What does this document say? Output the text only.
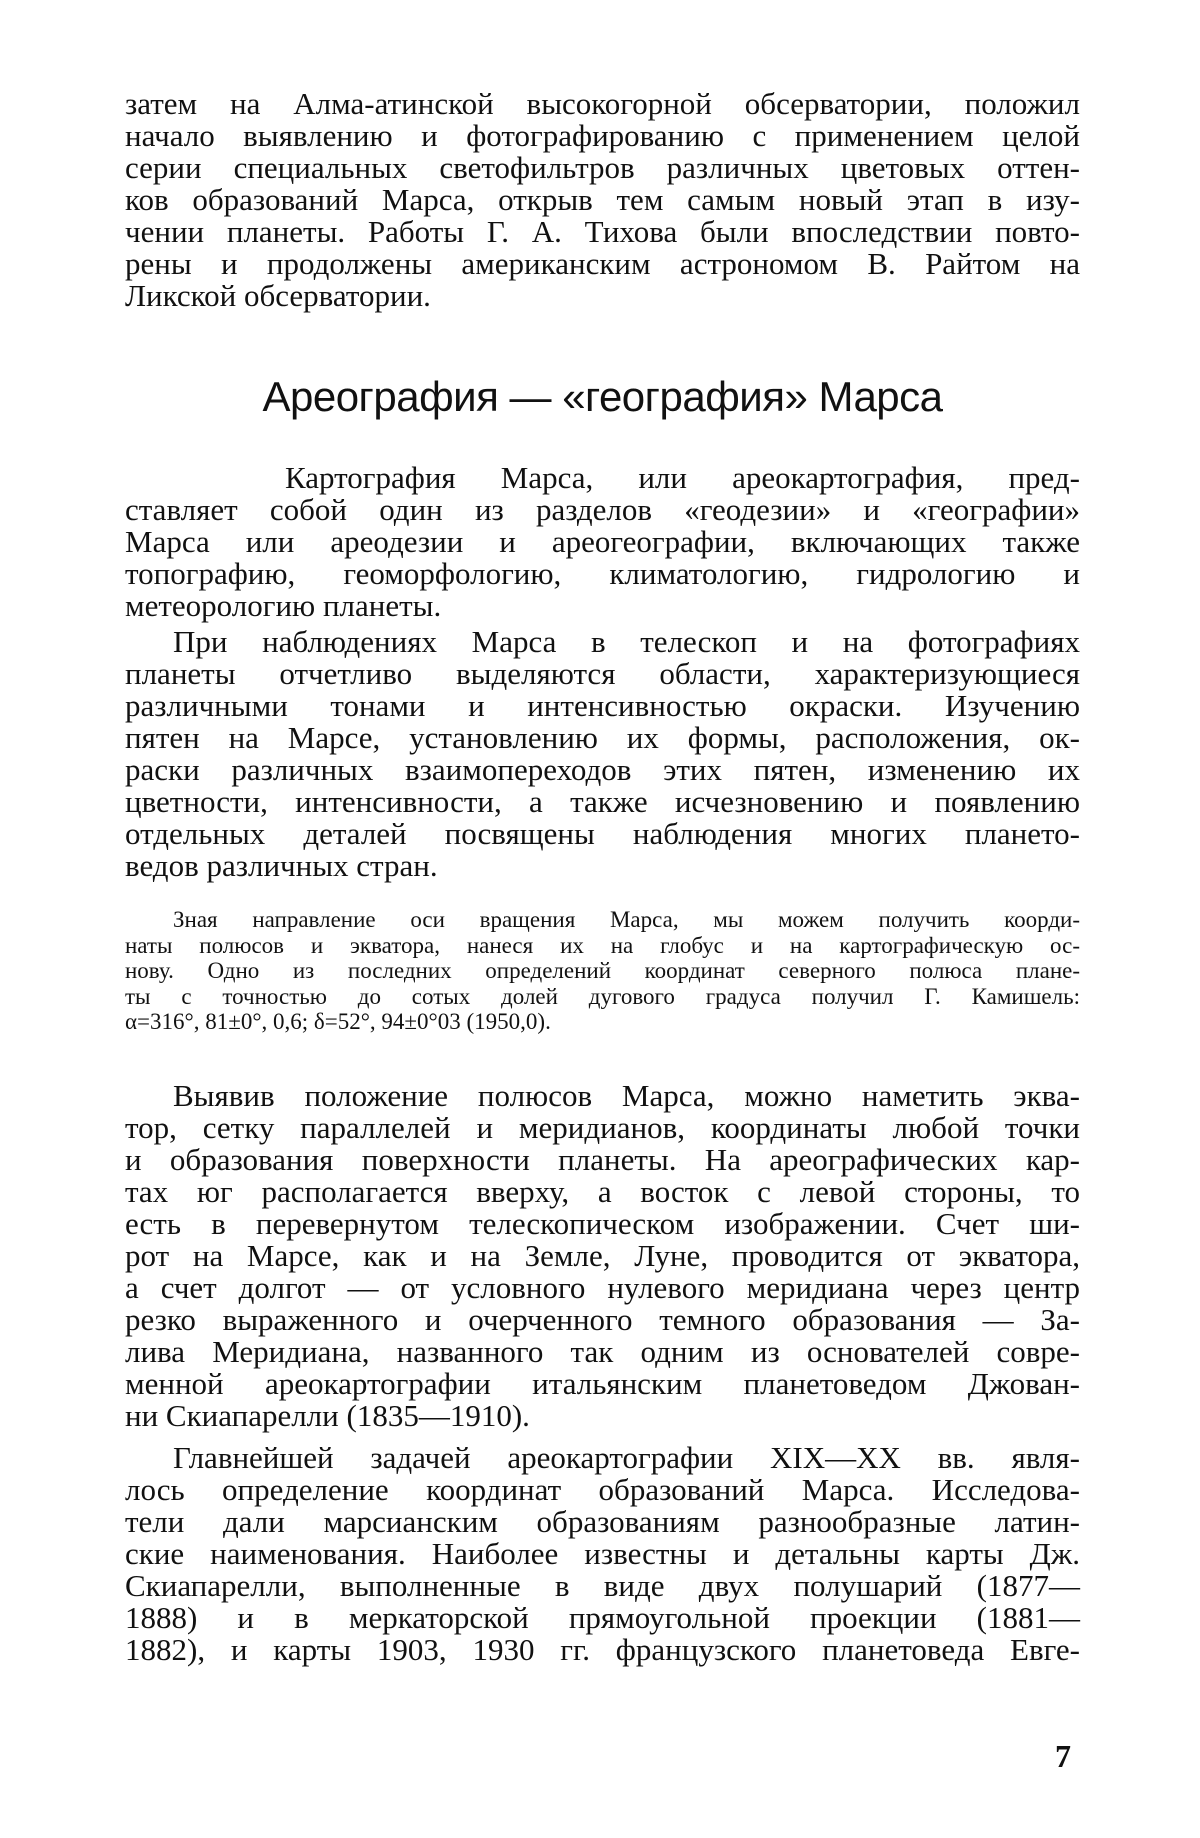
затем на Алма-атинской высокогорной обсерватории, положил
начало выявлению и фотографированию с применением целой
серии специальных светофильтров различных цветовых оттен-
ков образований Марса, открыв тем самым новый этап в изу-
чении планеты. Работы Г. А. Тихова были впоследствии повто-
рены и продолжены американским астрономом В. Райтом на
Ликской обсерватории.
Ареография — «география» Марса
Картография Марса, или ареокартография, пред-
ставляет собой один из разделов «геодезии» и «географии»
Марса или ареодезии и ареогеографии, включающих также
топографию, геоморфологию, климатологию, гидрологию и
метеорологию планеты.
При наблюдениях Марса в телескоп и на фотографиях
планеты отчетливо выделяются области, характеризующиеся
различными тонами и интенсивностью окраски. Изучению
пятен на Марсе, установлению их формы, расположения, ок-
раски различных взаимопереходов этих пятен, изменению их
цветности, интенсивности, а также исчезновению и появлению
отдельных деталей посвящены наблюдения многих плането-
ведов различных стран.
Зная направление оси вращения Марса, мы можем получить коорди-
наты полюсов и экватора, нанеся их на глобус и на картографическую ос-
нову. Одно из последних определений координат северного полюса плане-
ты с точностью до сотых долей дугового градуса получил Г. Камишель:
α=316°, 81±0°, 0,6; δ=52°, 94±0°03 (1950,0).
Выявив положение полюсов Марса, можно наметить эква-
тор, сетку параллелей и меридианов, координаты любой точки
и образования поверхности планеты. На ареографических кар-
тах юг располагается вверху, а восток с левой стороны, то
есть в перевернутом телескопическом изображении. Счет ши-
рот на Марсе, как и на Земле, Луне, проводится от экватора,
а счет долгот — от условного нулевого меридиана через центр
резко выраженного и очерченного темного образования — За-
лива Меридиана, названного так одним из основателей совре-
менной ареокартографии итальянским планетоведом Джован-
ни Скиапарелли (1835—1910).
Главнейшей задачей ареокартографии XIX—XX вв. явля-
лось определение координат образований Марса. Исследова-
тели дали марсианским образованиям разнообразные латин-
ские наименования. Наиболее известны и детальны карты Дж.
Скиапарелли, выполненные в виде двух полушарий (1877—
1888) и в меркаторской прямоугольной проекции (1881—
1882), и карты 1903, 1930 гг. французского планетоведа Евге-
7
